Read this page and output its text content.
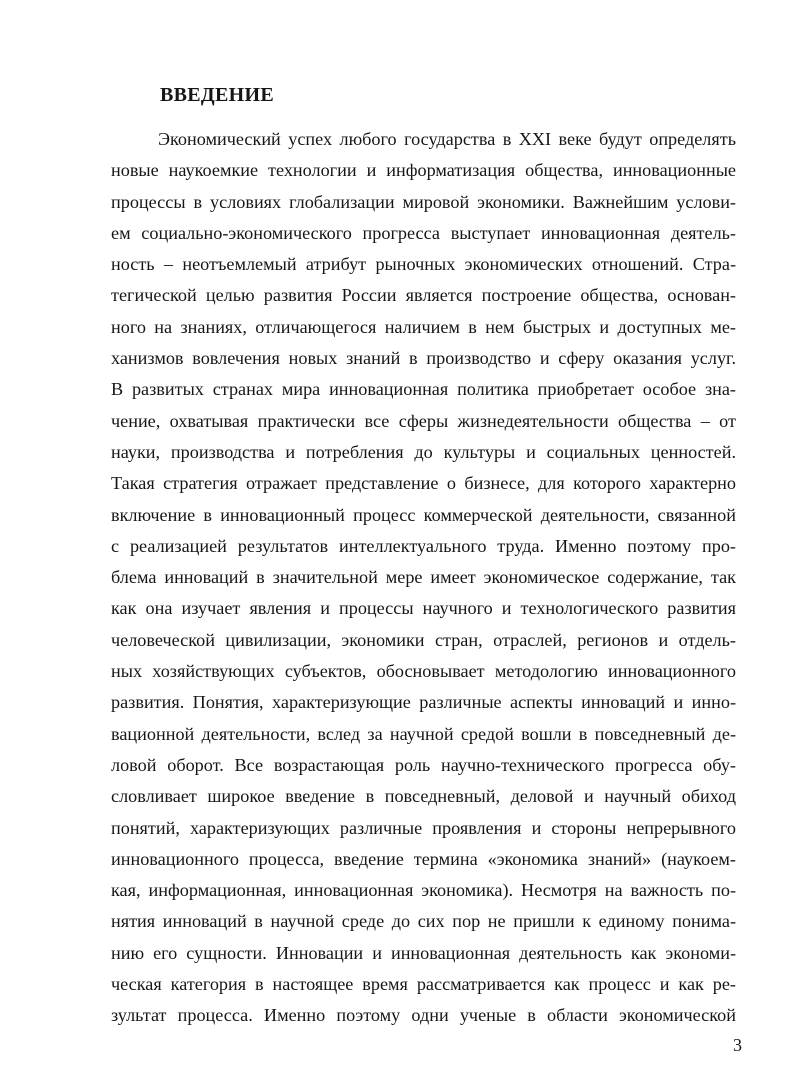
ВВЕДЕНИЕ
Экономический успех любого государства в XXI веке будут определять
новые наукоемкие технологии и информатизация общества, инновационные
процессы в условиях глобализации мировой экономики. Важнейшим услови-
ем социально-экономического прогресса выступает инновационная деятель-
ность – неотъемлемый атрибут рыночных экономических отношений. Стра-
тегической целью развития России является построение общества, основан-
ного на знаниях, отличающегося наличием в нем быстрых и доступных ме-
ханизмов вовлечения новых знаний в производство и сферу оказания услуг.
В развитых странах мира инновационная политика приобретает особое зна-
чение, охватывая практически все сферы жизнедеятельности общества – от
науки, производства и потребления до культуры и социальных ценностей.
Такая стратегия отражает представление о бизнесе, для которого характерно
включение в инновационный процесс коммерческой деятельности, связанной
с реализацией результатов интеллектуального труда. Именно поэтому про-
блема инноваций в значительной мере имеет экономическое содержание, так
как она изучает явления и процессы научного и технологического развития
человеческой цивилизации, экономики стран, отраслей, регионов и отдель-
ных хозяйствующих субъектов, обосновывает методологию инновационного
развития. Понятия, характеризующие различные аспекты инноваций и инно-
вационной деятельности, вслед за научной средой вошли в повседневный де-
ловой оборот. Все возрастающая роль научно-технического прогресса обу-
словливает широкое введение в повседневный, деловой и научный обиход
понятий, характеризующих различные проявления и стороны непрерывного
инновационного процесса, введение термина «экономика знаний» (наукоем-
кая, информационная, инновационная экономика). Несмотря на важность по-
нятия инноваций в научной среде до сих пор не пришли к единому понима-
нию его сущности. Инновации и инновационная деятельность как экономи-
ческая категория в настоящее время рассматривается как процесс и как ре-
зультат процесса. Именно поэтому одни ученые в области экономической
3
